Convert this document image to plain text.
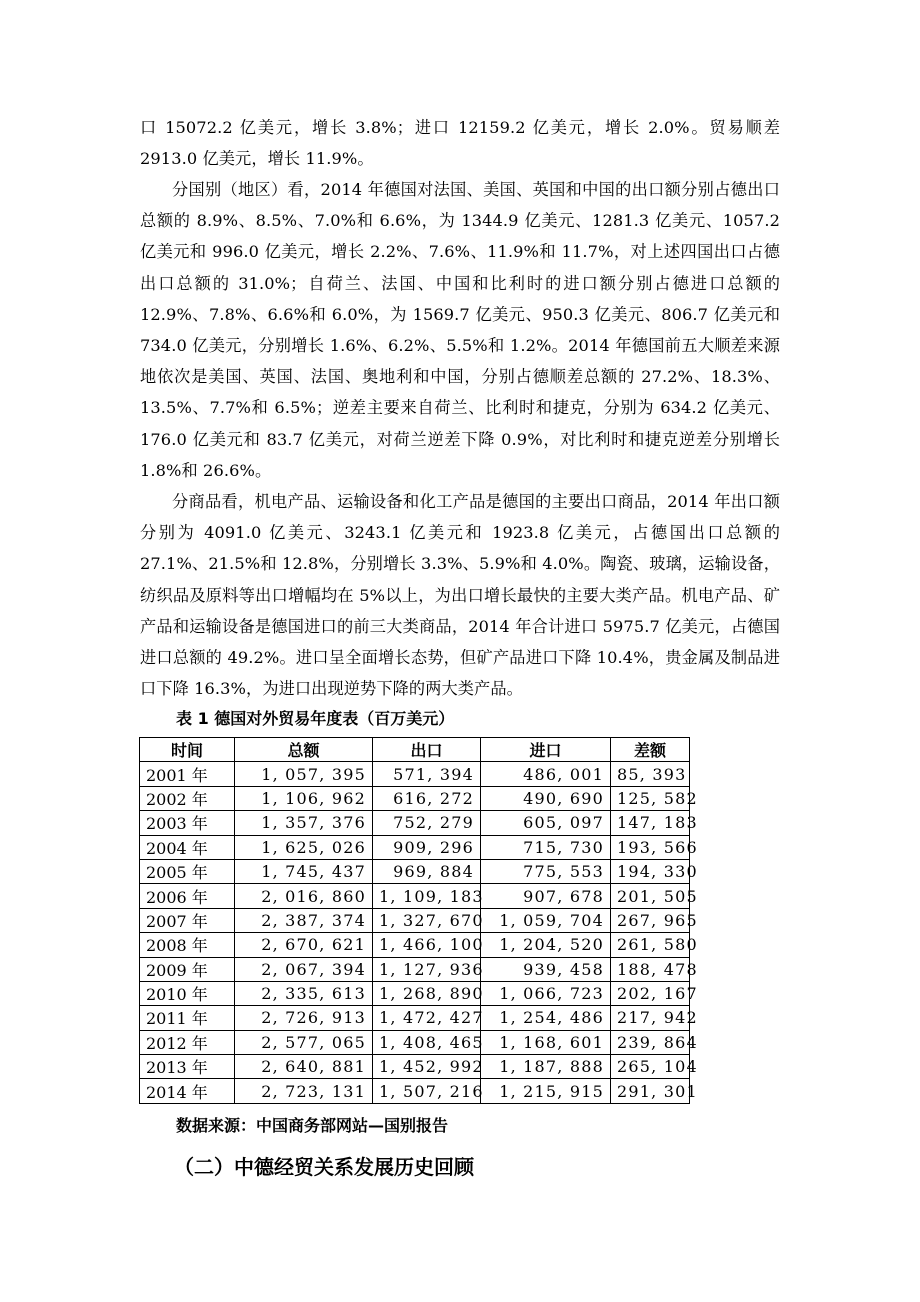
口 15072.2 亿美元，增长 3.8%；进口 12159.2 亿美元，增长 2.0%。贸易顺差 2913.0 亿美元，增长 11.9%。

分国别（地区）看，2014 年德国对法国、美国、英国和中国的出口额分别占德出口总额的 8.9%、8.5%、7.0%和 6.6%，为 1344.9 亿美元、1281.3 亿美元、1057.2 亿美元和 996.0 亿美元，增长 2.2%、7.6%、11.9%和 11.7%，对上述四国出口占德出口总额的 31.0%；自荷兰、法国、中国和比利时的进口额分别占德进口总额的 12.9%、7.8%、6.6%和 6.0%，为 1569.7 亿美元、950.3 亿美元、806.7 亿美元和 734.0 亿美元，分别增长 1.6%、6.2%、5.5%和 1.2%。2014 年德国前五大顺差来源地依次是美国、英国、法国、奥地利和中国，分别占德顺差总额的 27.2%、18.3%、13.5%、7.7%和 6.5%；逆差主要来自荷兰、比利时和捷克，分别为 634.2 亿美元、176.0 亿美元和 83.7 亿美元，对荷兰逆差下降 0.9%，对比利时和捷克逆差分别增长 1.8%和 26.6%。

分商品看，机电产品、运输设备和化工产品是德国的主要出口商品，2014 年出口额分别为 4091.0 亿美元、3243.1 亿美元和 1923.8 亿美元，占德国出口总额的 27.1%、21.5%和 12.8%，分别增长 3.3%、5.9%和 4.0%。陶瓷、玻璃，运输设备，纺织品及原料等出口增幅均在 5%以上，为出口增长最快的主要大类产品。机电产品、矿产品和运输设备是德国进口的前三大类商品，2014 年合计进口 5975.7 亿美元，占德国进口总额的 49.2%。进口呈全面增长态势，但矿产品进口下降 10.4%，贵金属及制品进口下降 16.3%，为进口出现逆势下降的两大类产品。

表 1 德国对外贸易年度表（百万美元）
时间	总额	出口	进口	差额
2001 年	1, 057, 395	571, 394	486, 001	85, 393
2002 年	1, 106, 962	616, 272	490, 690	125, 582
2003 年	1, 357, 376	752, 279	605, 097	147, 183
2004 年	1, 625, 026	909, 296	715, 730	193, 566
2005 年	1, 745, 437	969, 884	775, 553	194, 330
2006 年	2, 016, 860	1, 109, 183	907, 678	201, 505
2007 年	2, 387, 374	1, 327, 670	1, 059, 704	267, 965
2008 年	2, 670, 621	1, 466, 100	1, 204, 520	261, 580
2009 年	2, 067, 394	1, 127, 936	939, 458	188, 478
2010 年	2, 335, 613	1, 268, 890	1, 066, 723	202, 167
2011 年	2, 726, 913	1, 472, 427	1, 254, 486	217, 942
2012 年	2, 577, 065	1, 408, 465	1, 168, 601	239, 864
2013 年	2, 640, 881	1, 452, 992	1, 187, 888	265, 104
2014 年	2, 723, 131	1, 507, 216	1, 215, 915	291, 301
数据来源：中国商务部网站—国别报告
（二）中德经贸关系发展历史回顾
